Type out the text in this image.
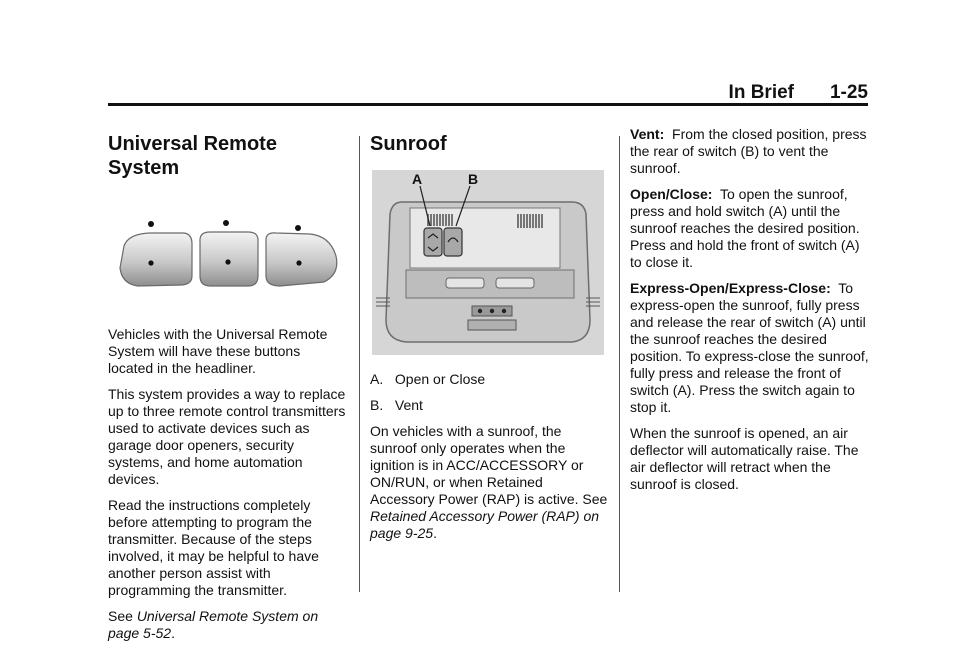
In Brief 1-25
Universal Remote System

Vehicles with the Universal Remote System will have these buttons located in the headliner.

This system provides a way to replace up to three remote control transmitters used to activate devices such as garage door openers, security systems, and home automation devices.

Read the instructions completely before attempting to program the transmitter. Because of the steps involved, it may be helpful to have another person assist with programming the transmitter.

See Universal Remote System on page 5-52.

Sunroof
A	B

A.   Open or Close

B.   Vent

On vehicles with a sunroof, the sunroof only operates when the ignition is in ACC/ACCESSORY or ON/RUN, or when Retained Accessory Power (RAP) is active. See Retained Accessory Power (RAP) on page 9-25.

Vent:  From the closed position, press the rear of switch (B) to vent the sunroof.

Open/Close:  To open the sunroof, press and hold switch (A) until the sunroof reaches the desired position. Press and hold the front of switch (A) to close it.

Express-Open/Express-Close:  To express-open the sunroof, fully press and release the rear of switch (A) until the sunroof reaches the desired position. To express-close the sunroof, fully press and release the front of switch (A). Press the switch again to stop it.

When the sunroof is opened, an air deflector will automatically raise. The air deflector will retract when the sunroof is closed.
